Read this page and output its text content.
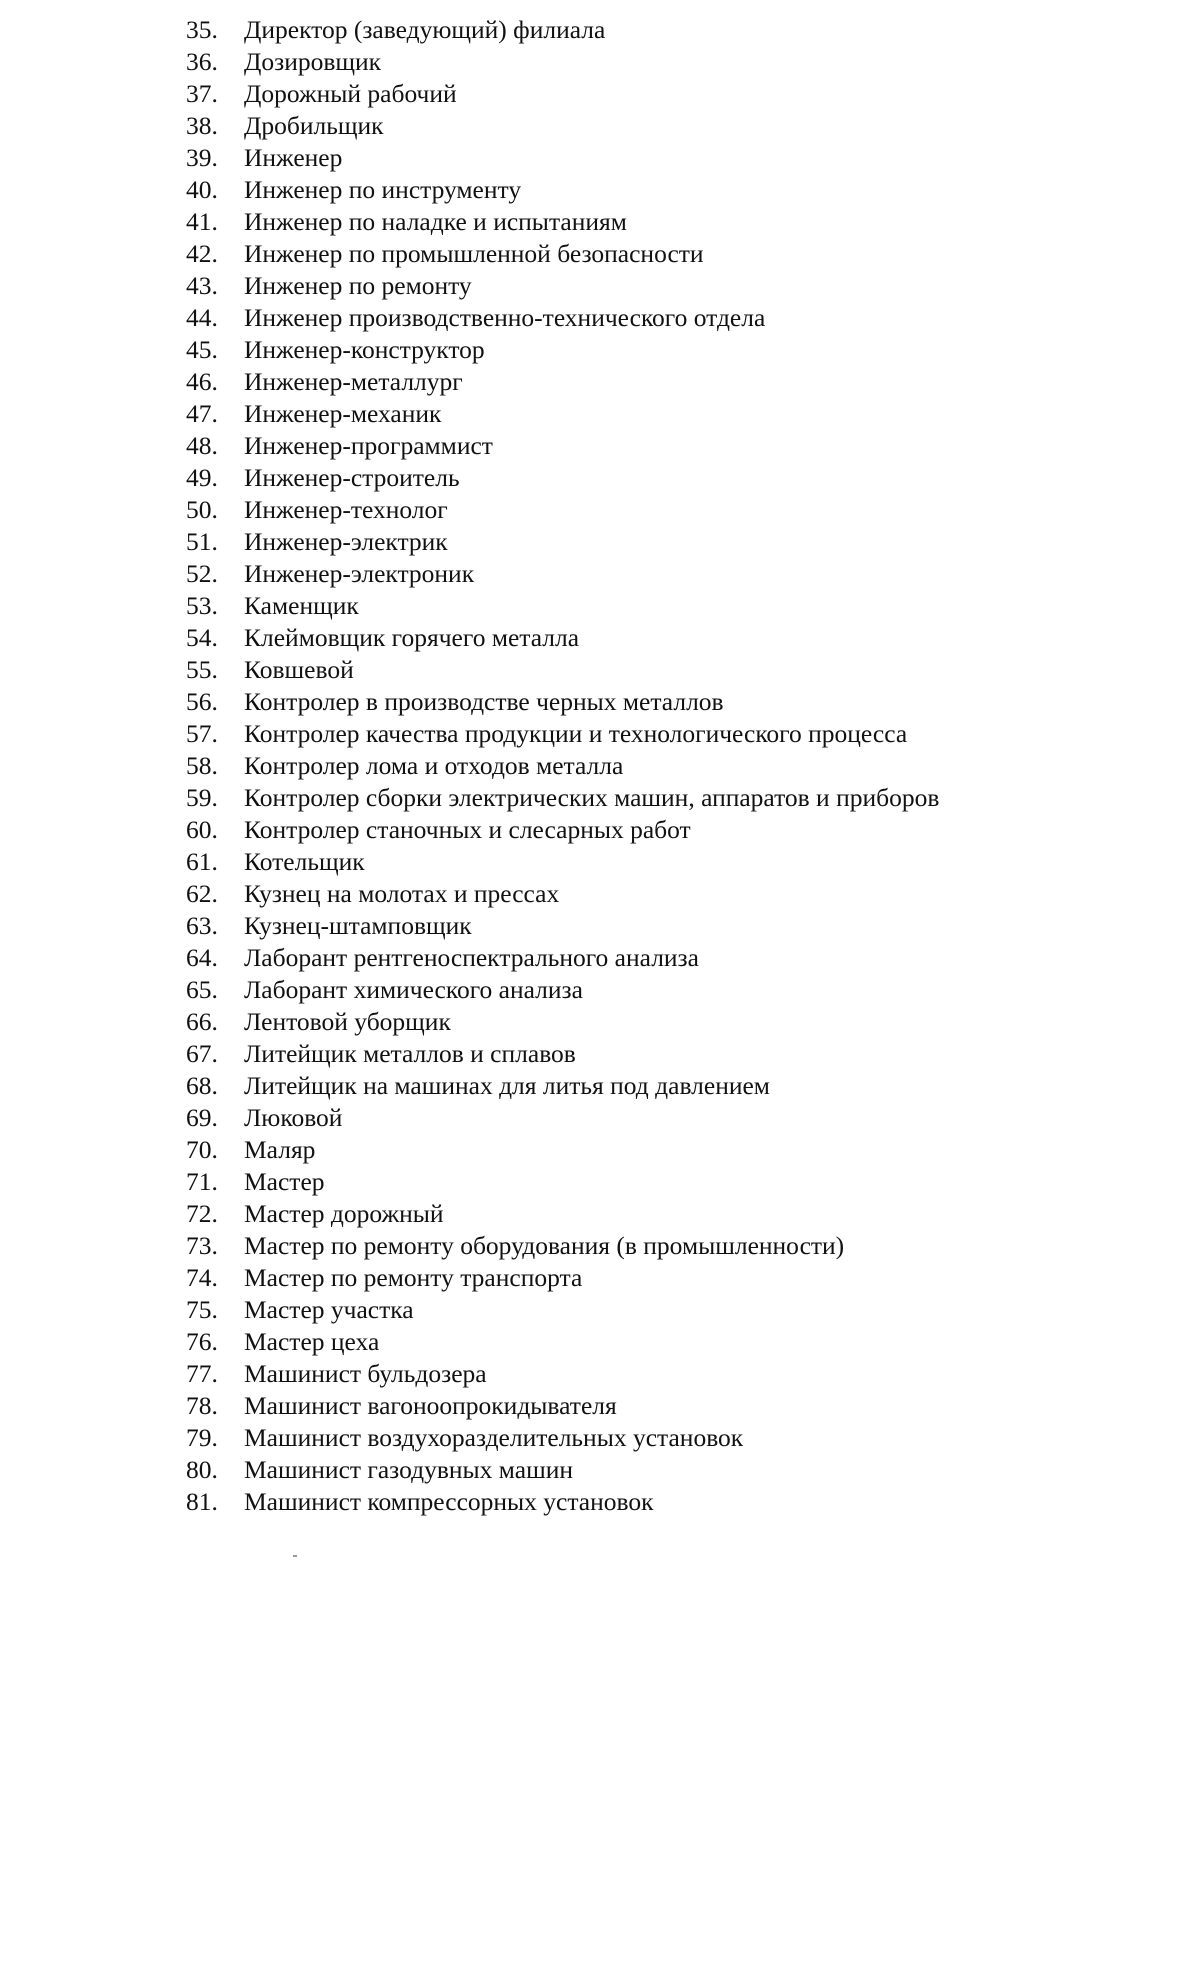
35.	Директор (заведующий) филиала
36.	Дозировщик
37.	Дорожный рабочий
38.	Дробильщик
39.	Инженер
40.	Инженер по инструменту
41.	Инженер по наладке и испытаниям
42.	Инженер по промышленной безопасности
43.	Инженер по ремонту
44.	Инженер производственно-технического отдела
45.	Инженер-конструктор
46.	Инженер-металлург
47.	Инженер-механик
48.	Инженер-программист
49.	Инженер-строитель
50.	Инженер-технолог
51.	Инженер-электрик
52.	Инженер-электроник
53.	Каменщик
54.	Клеймовщик горячего металла
55.	Ковшевой
56.	Контролер в производстве черных металлов
57.	Контролер качества продукции и технологического процесса
58.	Контролер лома и отходов металла
59.	Контролер сборки электрических машин, аппаратов и приборов
60.	Контролер станочных и слесарных работ
61.	Котельщик
62.	Кузнец на молотах и прессах
63.	Кузнец-штамповщик
64.	Лаборант рентгеноспектрального анализа
65.	Лаборант химического анализа
66.	Лентовой уборщик
67.	Литейщик металлов и сплавов
68.	Литейщик на машинах для литья под давлением
69.	Люковой
70.	Маляр
71.	Мастер
72.	Мастер дорожный
73.	Мастер по ремонту оборудования (в промышленности)
74.	Мастер по ремонту транспорта
75.	Мастер участка
76.	Мастер цеха
77.	Машинист бульдозера
78.	Машинист вагоноопрокидывателя
79.	Машинист воздухоразделительных установок
80.	Машинист газодувных машин
81.	Машинист компрессорных установок
